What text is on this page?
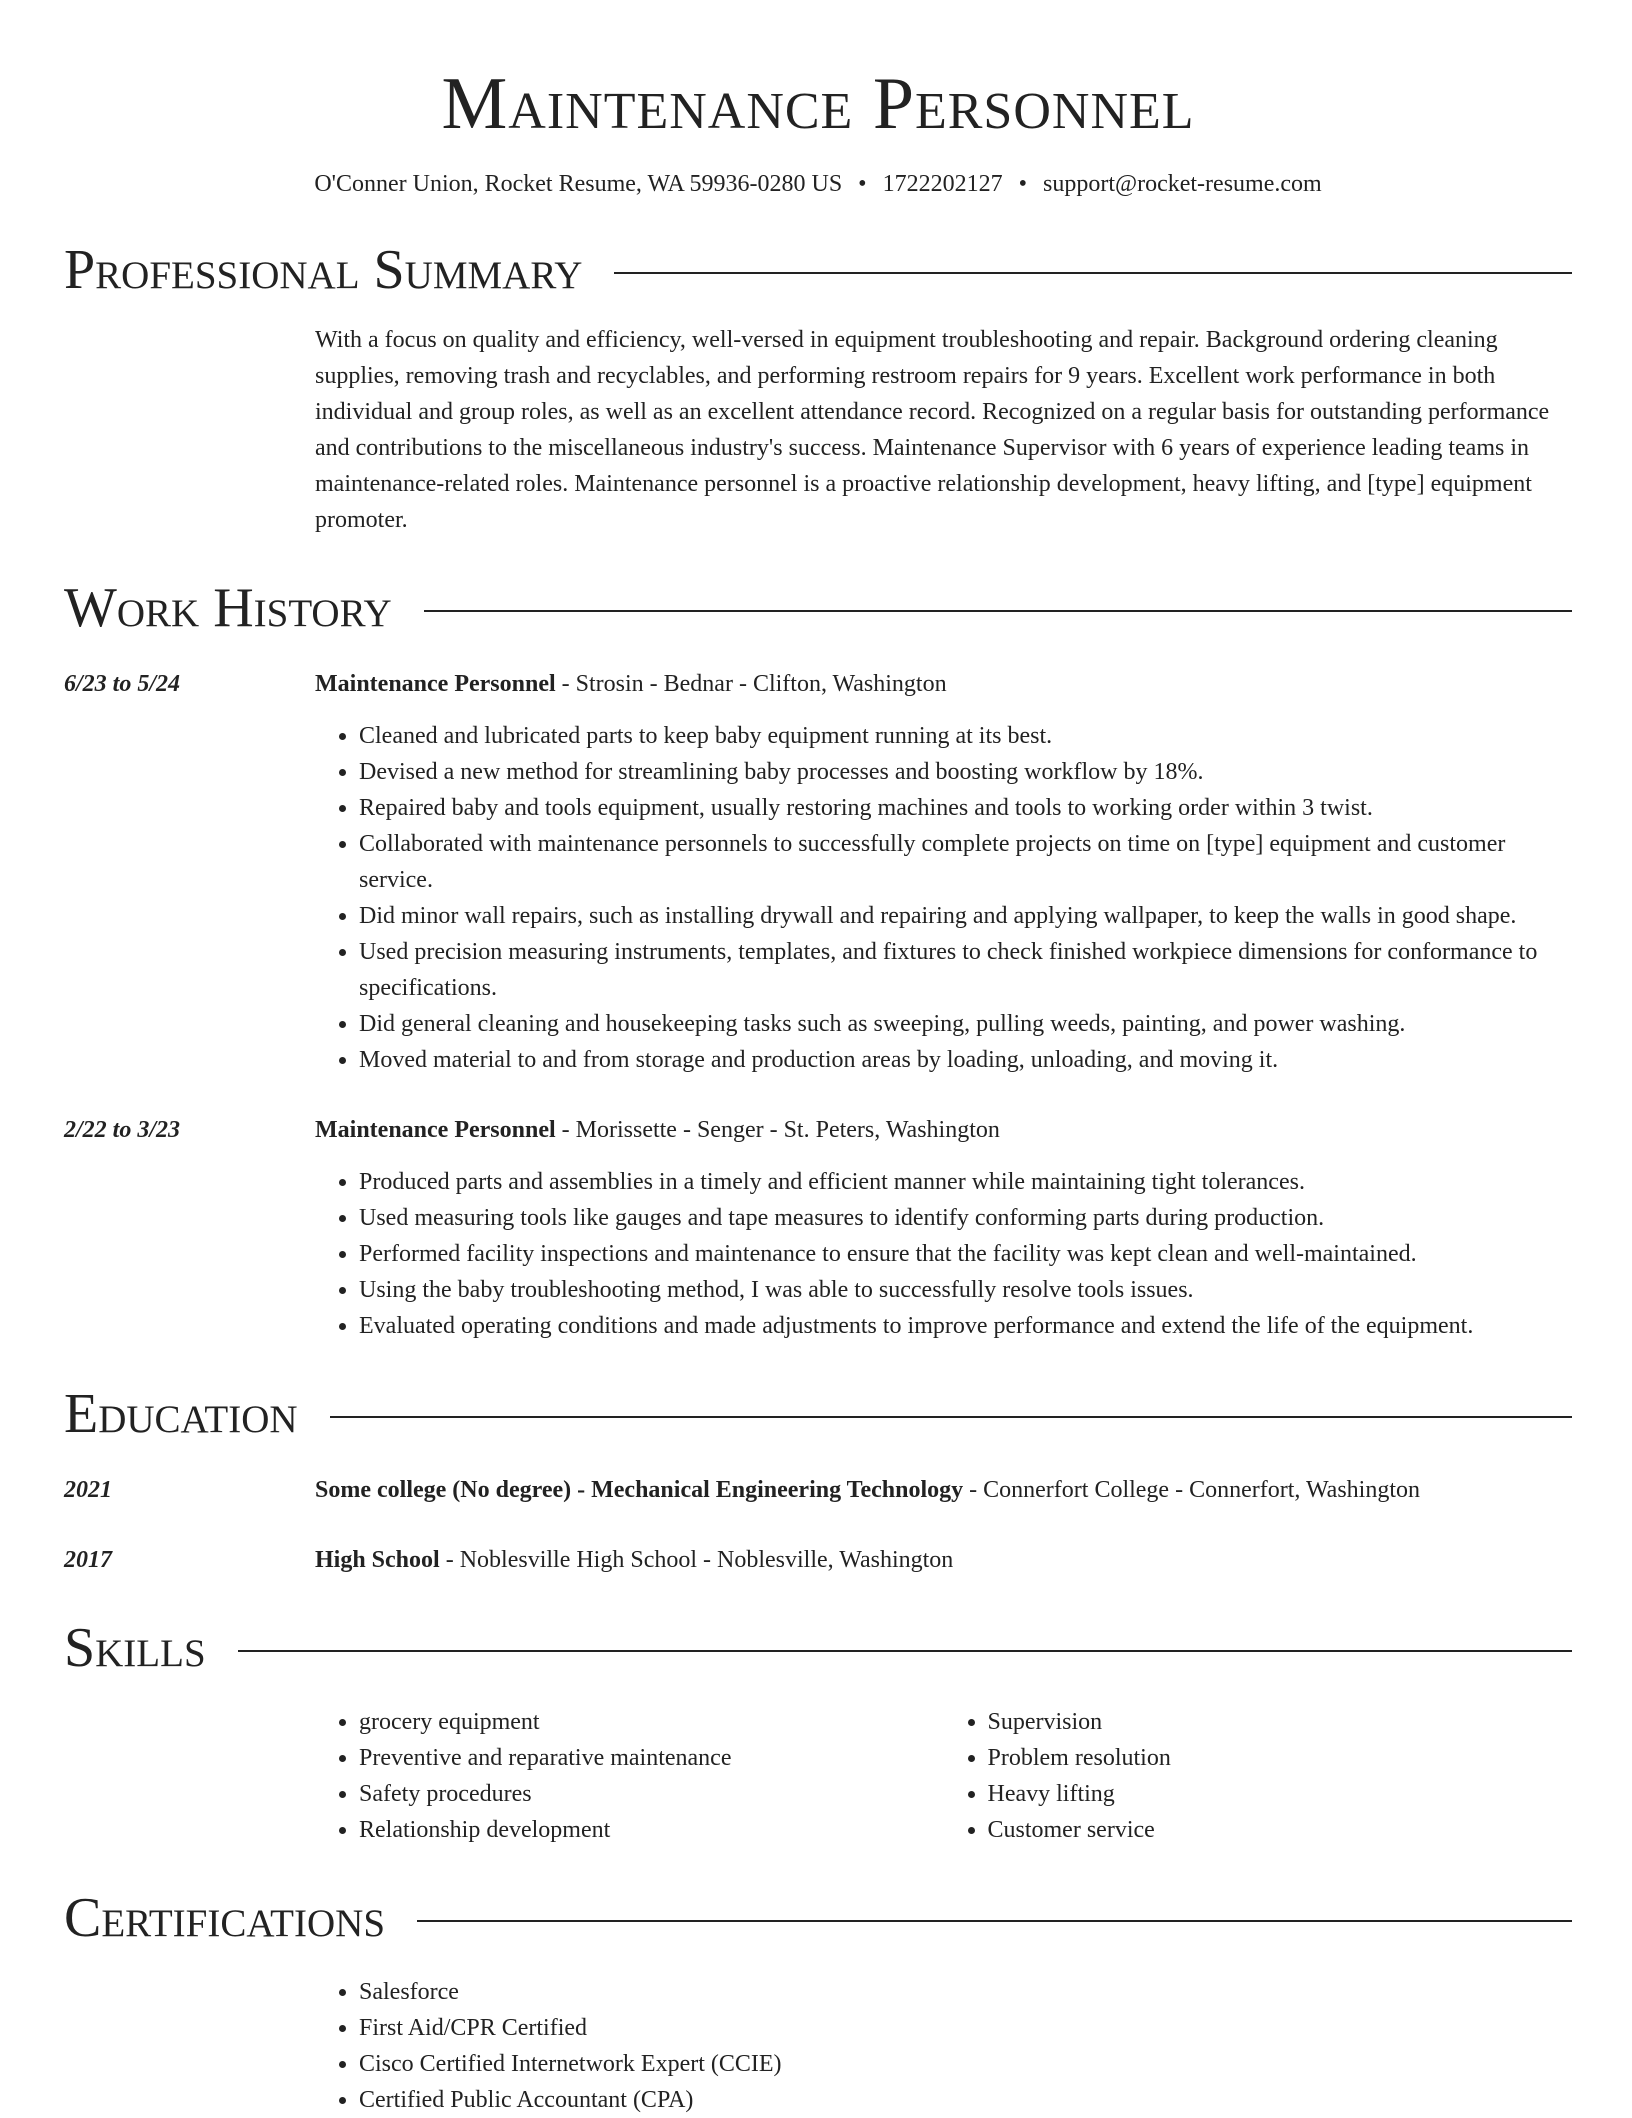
Maintenance Personnel
O'Conner Union, Rocket Resume, WA 59936-0280 US • 1722202127 • support@rocket-resume.com
Professional Summary
With a focus on quality and efficiency, well-versed in equipment troubleshooting and repair. Background ordering cleaning supplies, removing trash and recyclables, and performing restroom repairs for 9 years. Excellent work performance in both individual and group roles, as well as an excellent attendance record. Recognized on a regular basis for outstanding performance and contributions to the miscellaneous industry's success. Maintenance Supervisor with 6 years of experience leading teams in maintenance-related roles. Maintenance personnel is a proactive relationship development, heavy lifting, and [type] equipment promoter.
Work History
6/23 to 5/24	Maintenance Personnel - Strosin - Bednar - Clifton, Washington
• Cleaned and lubricated parts to keep baby equipment running at its best.
• Devised a new method for streamlining baby processes and boosting workflow by 18%.
• Repaired baby and tools equipment, usually restoring machines and tools to working order within 3 twist.
• Collaborated with maintenance personnels to successfully complete projects on time on [type] equipment and customer service.
• Did minor wall repairs, such as installing drywall and repairing and applying wallpaper, to keep the walls in good shape.
• Used precision measuring instruments, templates, and fixtures to check finished workpiece dimensions for conformance to specifications.
• Did general cleaning and housekeeping tasks such as sweeping, pulling weeds, painting, and power washing.
• Moved material to and from storage and production areas by loading, unloading, and moving it.
2/22 to 3/23	Maintenance Personnel - Morissette - Senger - St. Peters, Washington
• Produced parts and assemblies in a timely and efficient manner while maintaining tight tolerances.
• Used measuring tools like gauges and tape measures to identify conforming parts during production.
• Performed facility inspections and maintenance to ensure that the facility was kept clean and well-maintained.
• Using the baby troubleshooting method, I was able to successfully resolve tools issues.
• Evaluated operating conditions and made adjustments to improve performance and extend the life of the equipment.
Education
2021	Some college (No degree) - Mechanical Engineering Technology - Connerfort College - Connerfort, Washington
2017	High School - Noblesville High School - Noblesville, Washington
Skills
• grocery equipment
• Preventive and reparative maintenance
• Safety procedures
• Relationship development
• Supervision
• Problem resolution
• Heavy lifting
• Customer service
Certifications
• Salesforce
• First Aid/CPR Certified
• Cisco Certified Internetwork Expert (CCIE)
• Certified Public Accountant (CPA)
